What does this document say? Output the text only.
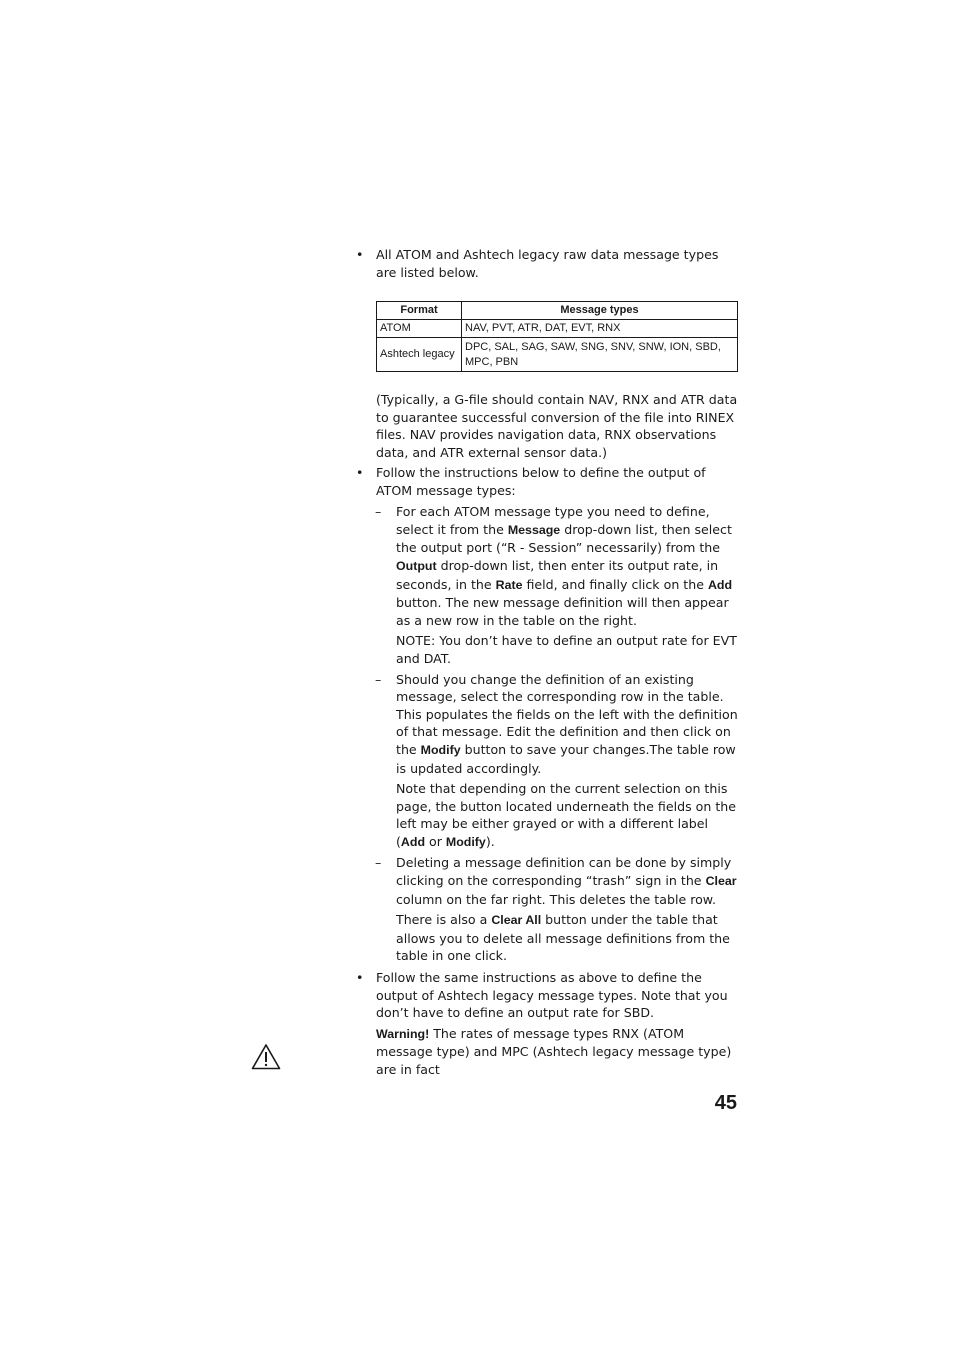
• All ATOM and Ashtech legacy raw data message types are listed below.

Format	Message types
ATOM	NAV, PVT, ATR, DAT, EVT, RNX
Ashtech legacy	DPC, SAL, SAG, SAW, SNG, SNV, SNW, ION, SBD, MPC, PBN

(Typically, a G-file should contain NAV, RNX and ATR data to guarantee successful conversion of the file into RINEX files. NAV provides navigation data, RNX observations data, and ATR external sensor data.)

• Follow the instructions below to define the output of ATOM message types:

– For each ATOM message type you need to define, select it from the Message drop-down list, then select the output port (“R - Session” necessarily) from the Output drop-down list, then enter its output rate, in seconds, in the Rate field, and finally click on the Add button. The new message definition will then appear as a new row in the table on the right.

NOTE: You don’t have to define an output rate for EVT and DAT.

– Should you change the definition of an existing message, select the corresponding row in the table. This populates the fields on the left with the definition of that message. Edit the definition and then click on the Modify button to save your changes.The table row is updated accordingly.

Note that depending on the current selection on this page, the button located underneath the fields on the left may be either grayed or with a different label (Add or Modify).

– Deleting a message definition can be done by simply clicking on the corresponding “trash” sign in the Clear column on the far right. This deletes the table row.

There is also a Clear All button under the table that allows you to delete all message definitions from the table in one click.

• Follow the same instructions as above to define the output of Ashtech legacy message types. Note that you don’t have to define an output rate for SBD.

Warning! The rates of message types RNX (ATOM message type) and MPC (Ashtech legacy message type) are in fact

45
